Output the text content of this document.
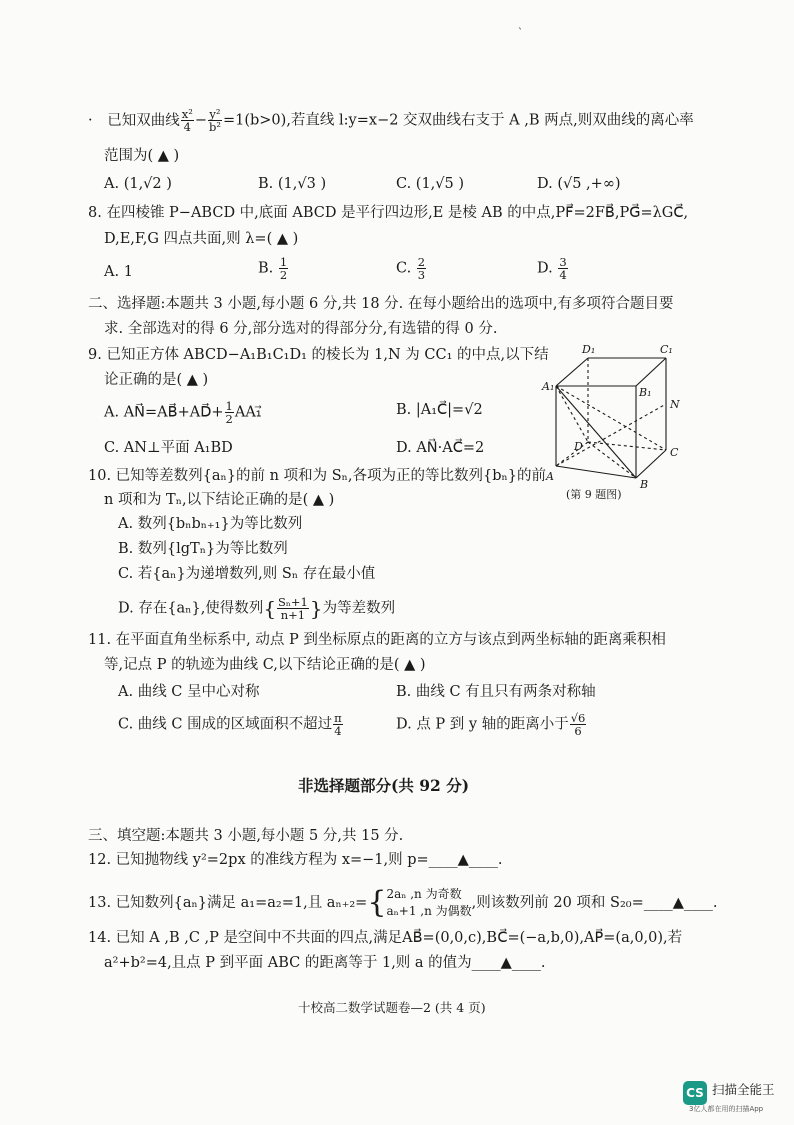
`
· 已知双曲线 $\frac{\text{x²}}{4} - \frac{\text{y²}}{\text{b²}} =1(b>0)$,若直线 l:y=x−2 交双曲线右支于 A ,B 两点,则双曲线的离心率
范围为( ▲ )
A. (1,√2 )	B. (1,√3 )	C. (1,√5 )	D. (√5 ,+∞)
8. 在四棱锥 P−ABCD 中,底面 ABCD 是平行四边形,E 是棱 AB 的中点,PF⃗=2FB⃗,PG⃗=λGC⃗,
D,E,F,G 四点共面,则 λ=( ▲ )
A. 1	B. $\frac{1}{2}$	C. $\frac{2}{3}$	D. $\frac{3}{4}$
二、选择题:本题共 3 小题,每小题 6 分,共 18 分. 在每小题给出的选项中,有多项符合题目要
求. 全部选对的得 6 分,部分选对的得部分分,有选错的得 0 分.
9. 已知正方体 ABCD−A₁B₁C₁D₁ 的棱长为 1,N 为 CC₁ 的中点,以下结
论正确的是( ▲ )
A. AN⃗=AB⃗+AD⃗+ $\frac{1}{2}$ AA₁⃗	B. |A₁C⃗|=√2
C. AN⊥平面 A₁BD	D. AN⃗·AC⃗=2
A₁	B₁
C₁
D₁
A
B
C
D
N
(第 9 题图)
10. 已知等差数列{aₙ}的前 n 项和为 Sₙ,各项为正的等比数列{bₙ}的前
n 项和为 Tₙ,以下结论正确的是( ▲ )
A. 数列{bₙbₙ₊₁}为等比数列
B. 数列{lgTₙ}为等比数列
C. 若{aₙ}为递增数列,则 Sₙ 存在最小值
D. 存在{aₙ},使得数列{ $\frac{\text{Sₙ+1}}{n+1}$ }为等差数列
11. 在平面直角坐标系中, 动点 P 到坐标原点的距离的立方与该点到两坐标轴的距离乘积相
等,记点 P 的轨迹为曲线 C,以下结论正确的是( ▲ )
A. 曲线 C 呈中心对称	B. 曲线 C 有且只有两条对称轴
C. 曲线 C 围成的区域面积不超过 $\frac{\pi}{4}$	D. 点 P 到 y 轴的距离小于 $\frac{√6}{6}$
非选择题部分(共 92 分)
三、填空题:本题共 3 小题,每小题 5 分,共 15 分.
12. 已知抛物线 y²=2px 的准线方程为 x=−1,则 p=____▲____.
13. 已知数列{aₙ}满足 a₁=a₂=1,且 aₙ₊₂={ 2aₙ ,n 为奇数
aₙ+1 ,n 为偶数 ,则该数列前 20 项和 S₂₀=____▲____.
14. 已知 A ,B ,C ,P 是空间中不共面的四点,满足AB⃗=(0,0,c),BC⃗=(−a,b,0),AP⃗=(a,0,0),若
a²+b²=4,且点 P 到平面 ABC 的距离等于 1,则 a 的值为____▲____.
十校高二数学试题卷—2 (共 4 页)
CS 扫描全能王
3亿人都在用的扫描App
